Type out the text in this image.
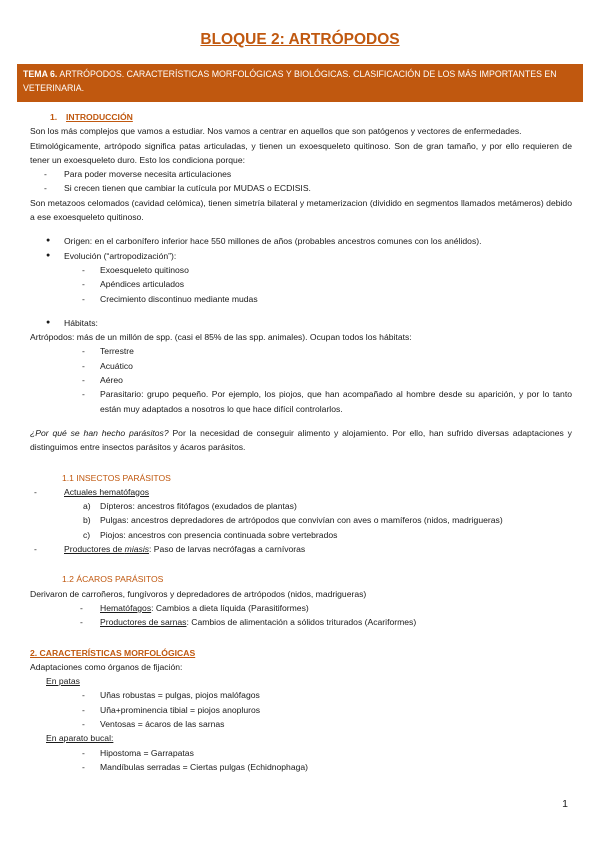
BLOQUE 2: ARTRÓPODOS
TEMA 6. ARTRÓPODOS. CARACTERÍSTICAS MORFOLÓGICAS Y BIOLÓGICAS. CLASIFICACIÓN DE LOS MÁS IMPORTANTES EN VETERINARIA.
1. INTRODUCCIÓN

Son los más complejos que vamos a estudiar. Nos vamos a centrar en aquellos que son patógenos y vectores de enfermedades.

Etimológicamente, artrópodo significa patas articuladas, y tienen un exoesqueleto quitinoso. Son de gran tamaño, y por ello requieren de tener un exoesqueleto duro. Esto los condiciona porque:

- Para poder moverse necesita articulaciones
- Si crecen tienen que cambiar la cutícula por MUDAS o ECDISIS.

Son metazoos celomados (cavidad celómica), tienen simetría bilateral y metamerizacion (dividido en segmentos llamados metámeros) debido a ese exoesqueleto quitinoso.

● Origen: en el carbonífero inferior hace 550 millones de años (probables ancestros comunes con los anélidos).
● Evolución (“artropodización”):
- Exoesqueleto quitinoso
- Apéndices articulados
- Crecimiento discontinuo mediante mudas
● Hábitats:

Artrópodos: más de un millón de spp. (casi el 85% de las spp. animales). Ocupan todos los hábitats:

- Terrestre
- Acuático
- Aéreo
- Parasitario: grupo pequeño. Por ejemplo, los piojos, que han acompañado al hombre desde su aparición, y por lo tanto están muy adaptados a nosotros lo que hace difícil controlarlos.

¿Por qué se han hecho parásitos? Por la necesidad de conseguir alimento y alojamiento. Por ello, han sufrido diversas adaptaciones y distinguimos entre insectos parásitos y ácaros parásitos.

1.1 INSECTOS PARÁSITOS
-	Actuales hematófagos
a) Dípteros: ancestros fitófagos (exudados de plantas)
b) Pulgas: ancestros depredadores de artrópodos que convivían con aves o mamíferos (nidos, madrigueras)
c) Piojos: ancestros con presencia continuada sobre vertebrados
-	Productores de miasis: Paso de larvas necrófagas a carnívoras
1.2 ÁCAROS PARÁSITOS

Derivaron de carroñeros, fungívoros y depredadores de artrópodos (nidos, madrigueras)

- Hematófagos: Cambios a dieta líquida (Parasitiformes)
- Productores de sarnas: Cambios de alimentación a sólidos triturados (Acariformes)
2. CARACTERÍSTICAS MORFOLÓGICAS

Adaptaciones como órganos de fijación:

En patas
- Uñas robustas = pulgas, piojos malófagos
- Uña+prominencia tibial = piojos anopluros
- Ventosas = ácaros de las sarnas
En aparato bucal:
- Hipostoma = Garrapatas
- Mandíbulas serradas = Ciertas pulgas (Echidnophaga)
1
